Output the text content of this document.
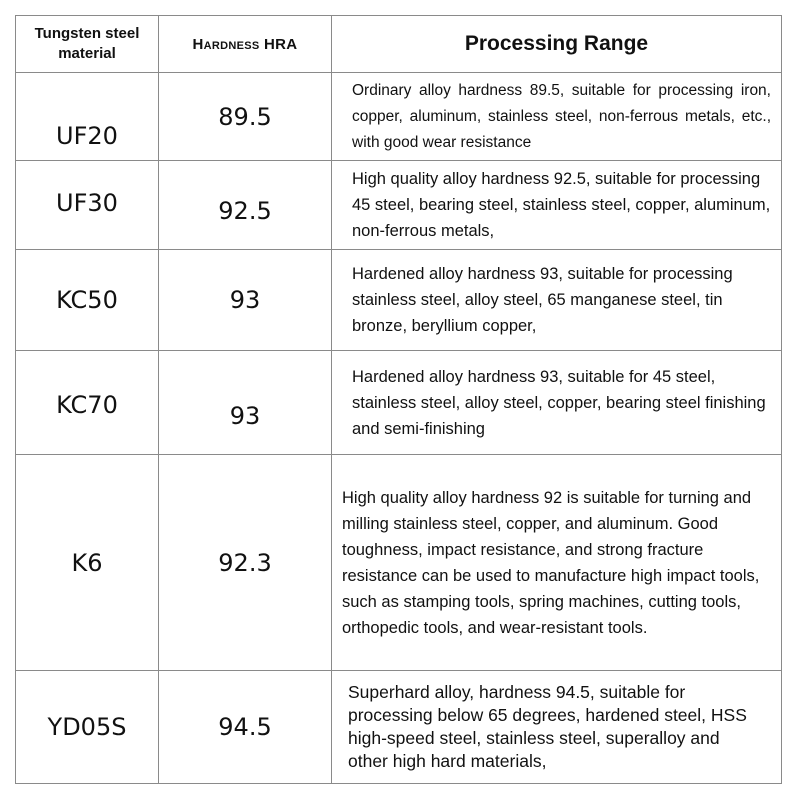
Tungsten steel material	Hardness HRA	Processing Range
UF20	89.5	Ordinary alloy hardness 89.5, suitable for processing iron, copper, aluminum, stainless steel, non-ferrous metals, etc., with good wear resistance

UF30	92.5	High quality alloy hardness 92.5, suitable for processing 45 steel, bearing steel, stainless steel, copper, aluminum, non-ferrous metals,

KC50	93	Hardened alloy hardness 93, suitable for processing stainless steel, alloy steel, 65 manganese steel, tin bronze, beryllium copper,

KC70	93	Hardened alloy hardness 93, suitable for 45 steel, stainless steel, alloy steel, copper, bearing steel finishing and semi-finishing

K6	92.3	High quality alloy hardness 92 is suitable for turning and milling stainless steel, copper, and aluminum. Good toughness, impact resistance, and strong fracture resistance can be used to manufacture high impact tools, such as stamping tools, spring machines, cutting tools, orthopedic tools, and wear-resistant tools.

YD05S	94.5	Superhard alloy, hardness 94.5, suitable for processing below 65 degrees, hardened steel, HSS high-speed steel, stainless steel, superalloy and other high hard materials,
